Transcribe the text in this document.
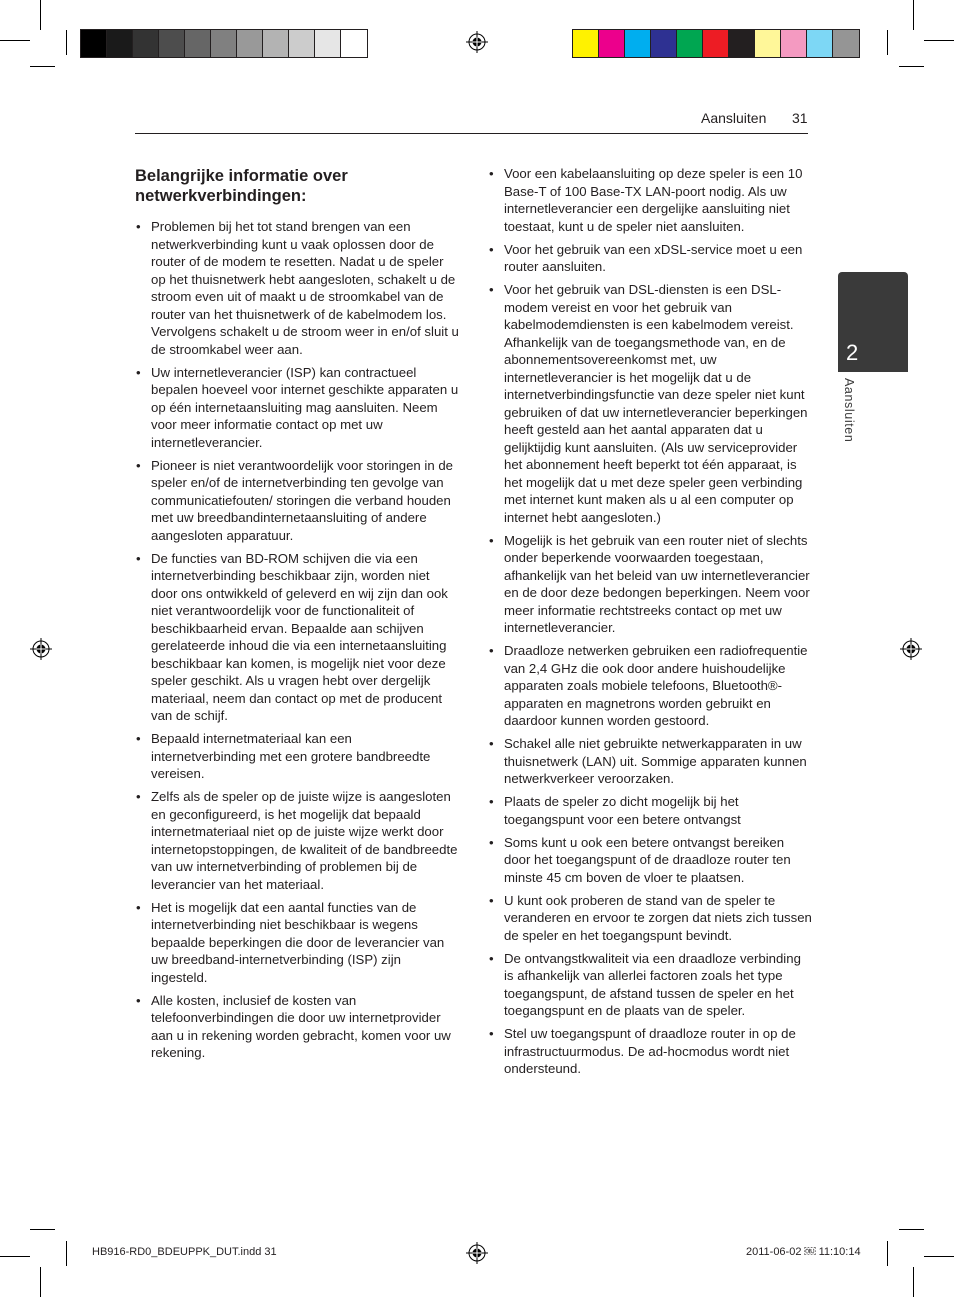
Aansluiten 31
2
Aansluiten
Belangrijke informatie over netwerkverbindingen:
• Problemen bij het tot stand brengen van een netwerkverbinding kunt u vaak oplossen door de router of de modem te resetten. Nadat u de speler op het thuisnetwerk hebt aangesloten, schakelt u de stroom even uit of maakt u de stroomkabel van de router van het thuisnetwerk of de kabelmodem los. Vervolgens schakelt u de stroom weer in en/of sluit u de stroomkabel weer aan.
• Uw internetleverancier (ISP) kan contractueel bepalen hoeveel voor internet geschikte apparaten u op één internetaansluiting mag aansluiten. Neem voor meer informatie contact op met uw internetleverancier.
• Pioneer is niet verantwoordelijk voor storingen in de speler en/of de internetverbinding ten gevolge van communicatiefouten/ storingen die verband houden met uw breedbandinternetaansluiting of andere aangesloten apparatuur.
• De functies van BD-ROM schijven die via een internetverbinding beschikbaar zijn, worden niet door ons ontwikkeld of geleverd en wij zijn dan ook niet verantwoordelijk voor de functionaliteit of beschikbaarheid ervan. Bepaalde aan schijven gerelateerde inhoud die via een internetaansluiting beschikbaar kan komen, is mogelijk niet voor deze speler geschikt. Als u vragen hebt over dergelijk materiaal, neem dan contact op met de producent van de schijf.
• Bepaald internetmateriaal kan een internetverbinding met een grotere bandbreedte vereisen.
• Zelfs als de speler op de juiste wijze is aangesloten en geconfigureerd, is het mogelijk dat bepaald internetmateriaal niet op de juiste wijze werkt door internetopstoppingen, de kwaliteit of de bandbreedte van uw internetverbinding of problemen bij de leverancier van het materiaal.
• Het is mogelijk dat een aantal functies van de internetverbinding niet beschikbaar is wegens bepaalde beperkingen die door de leverancier van uw breedband-internetverbinding (ISP) zijn ingesteld.
• Alle kosten, inclusief de kosten van telefoonverbindingen die door uw internetprovider aan u in rekening worden gebracht, komen voor uw rekening.
• Voor een kabelaansluiting op deze speler is een 10 Base-T of 100 Base-TX LAN-poort nodig. Als uw internetleverancier een dergelijke aansluiting niet toestaat, kunt u de speler niet aansluiten.
• Voor het gebruik van een xDSL-service moet u een router aansluiten.
• Voor het gebruik van DSL-diensten is een DSL-modem vereist en voor het gebruik van kabelmodemdiensten is een kabelmodem vereist. Afhankelijk van de toegangsmethode van, en de abonnementsovereenkomst met, uw internetleverancier is het mogelijk dat u de internetverbindingsfunctie van deze speler niet kunt gebruiken of dat uw internetleverancier beperkingen heeft gesteld aan het aantal apparaten dat u gelijktijdig kunt aansluiten. (Als uw serviceprovider het abonnement heeft beperkt tot één apparaat, is het mogelijk dat u met deze speler geen verbinding met internet kunt maken als u al een computer op internet hebt aangesloten.)
• Mogelijk is het gebruik van een router niet of slechts onder beperkende voorwaarden toegestaan, afhankelijk van het beleid van uw internetleverancier en de door deze bedongen beperkingen. Neem voor meer informatie rechtstreeks contact op met uw internetleverancier.
• Draadloze netwerken gebruiken een radiofrequentie van 2,4 GHz die ook door andere huishoudelijke apparaten zoals mobiele telefoons, Bluetooth®-apparaten en magnetrons worden gebruikt en daardoor kunnen worden gestoord.
• Schakel alle niet gebruikte netwerkapparaten in uw thuisnetwerk (LAN) uit. Sommige apparaten kunnen netwerkverkeer veroorzaken.
• Plaats de speler zo dicht mogelijk bij het toegangspunt voor een betere ontvangst
• Soms kunt u ook een betere ontvangst bereiken door het toegangspunt of de draadloze router ten minste 45 cm boven de vloer te plaatsen.
• U kunt ook proberen de stand van de speler te veranderen en ervoor te zorgen dat niets zich tussen de speler en het toegangspunt bevindt.
• De ontvangstkwaliteit via een draadloze verbinding is afhankelijk van allerlei factoren zoals het type toegangspunt, de afstand tussen de speler en het toegangspunt en de plaats van de speler.
• Stel uw toegangspunt of draadloze router in op de infrastructuurmodus. De ad-hocmodus wordt niet ondersteund.
HB916-RD0_BDEUPPK_DUT.indd 31	2011-06-02 ￼ 11:10:14
